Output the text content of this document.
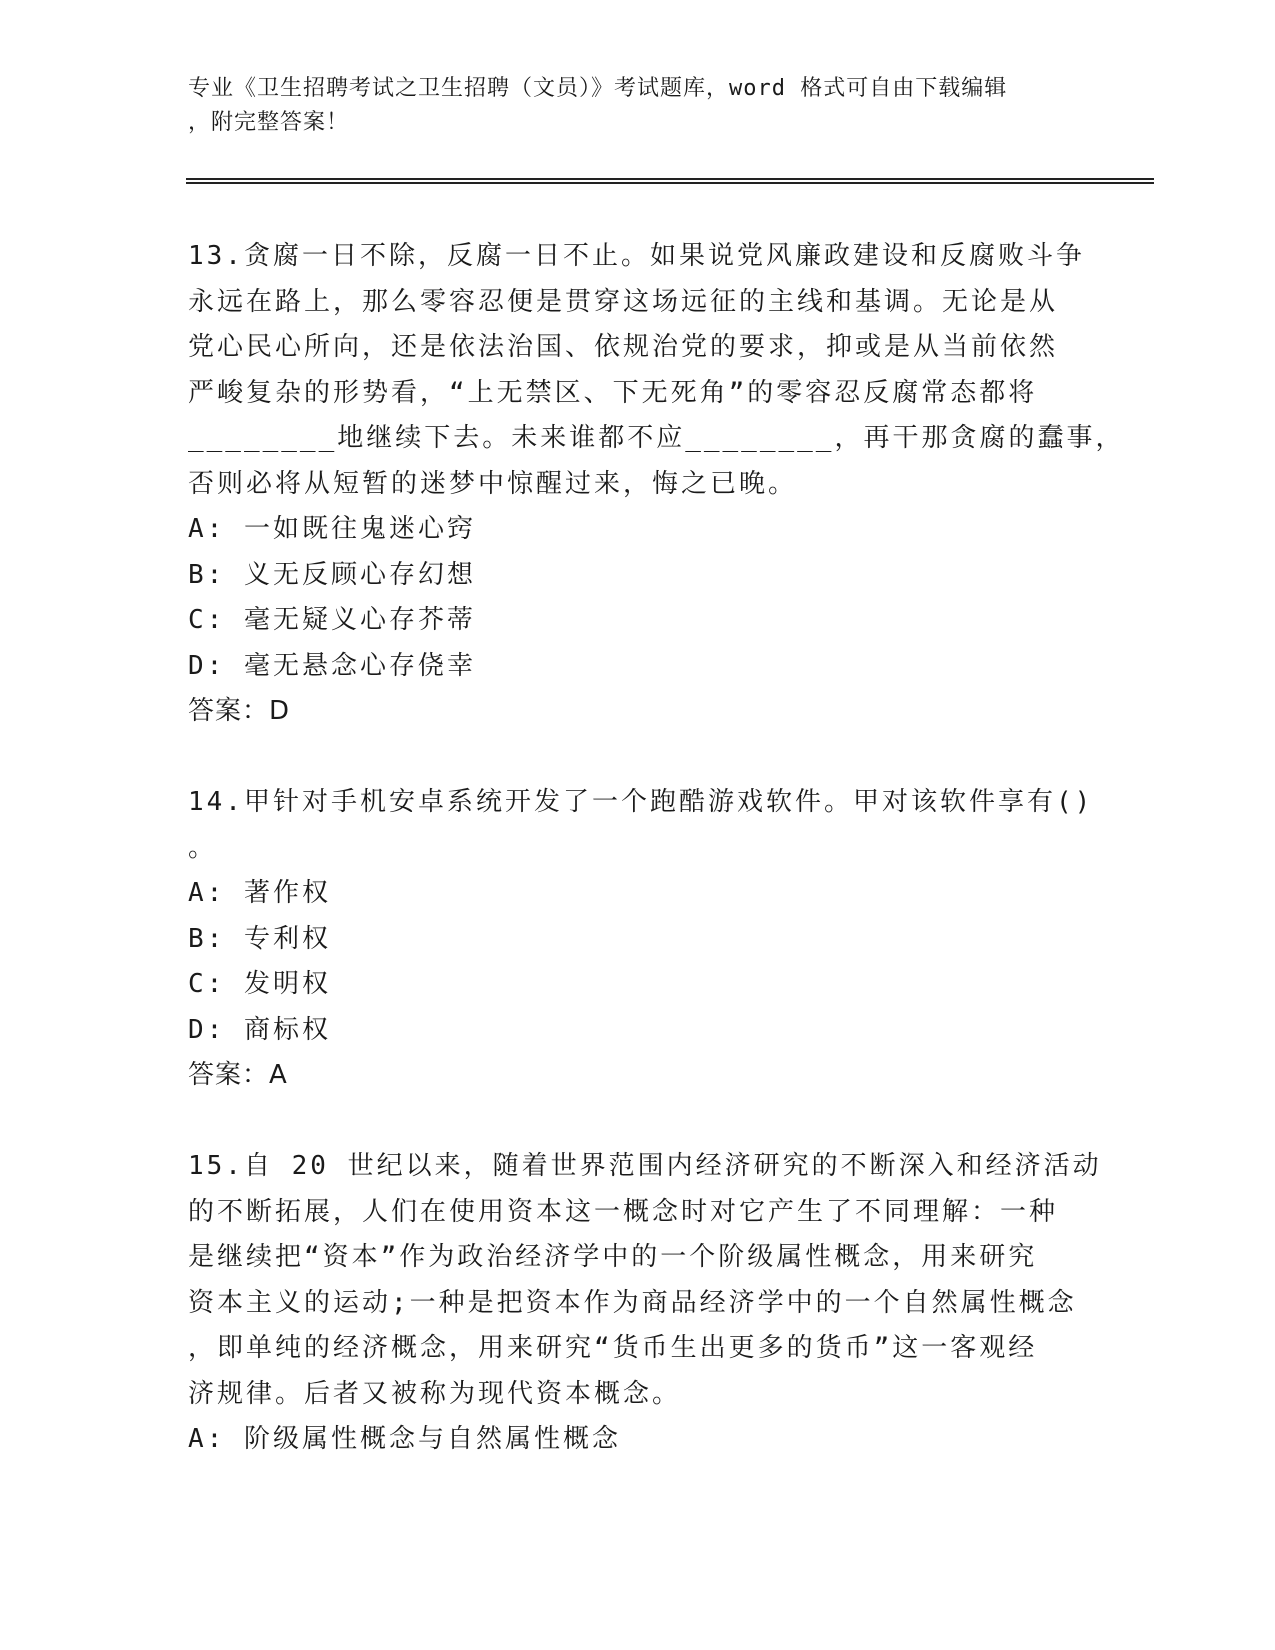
专业《卫生招聘考试之卫生招聘（文员）》考试题库，word 格式可自由下载编辑
，附完整答案！
13.贪腐一日不除，反腐一日不止。如果说党风廉政建设和反腐败斗争
永远在路上，那么零容忍便是贯穿这场远征的主线和基调。无论是从
党心民心所向，还是依法治国、依规治党的要求，抑或是从当前依然
严峻复杂的形势看，“上无禁区、下无死角”的零容忍反腐常态都将
________地继续下去。未来谁都不应________，再干那贪腐的蠢事，
否则必将从短暂的迷梦中惊醒过来，悔之已晚。
A: 一如既往鬼迷心窍
B: 义无反顾心存幻想
C: 毫无疑义心存芥蒂
D: 毫无悬念心存侥幸
答案：D
14.甲针对手机安卓系统开发了一个跑酷游戏软件。甲对该软件享有()
。
A: 著作权
B: 专利权
C: 发明权
D: 商标权
答案：A
15.自 20 世纪以来，随着世界范围内经济研究的不断深入和经济活动
的不断拓展，人们在使用资本这一概念时对它产生了不同理解：一种
是继续把“资本”作为政治经济学中的一个阶级属性概念，用来研究
资本主义的运动;一种是把资本作为商品经济学中的一个自然属性概念
，即单纯的经济概念，用来研究“货币生出更多的货币”这一客观经
济规律。后者又被称为现代资本概念。
A: 阶级属性概念与自然属性概念
